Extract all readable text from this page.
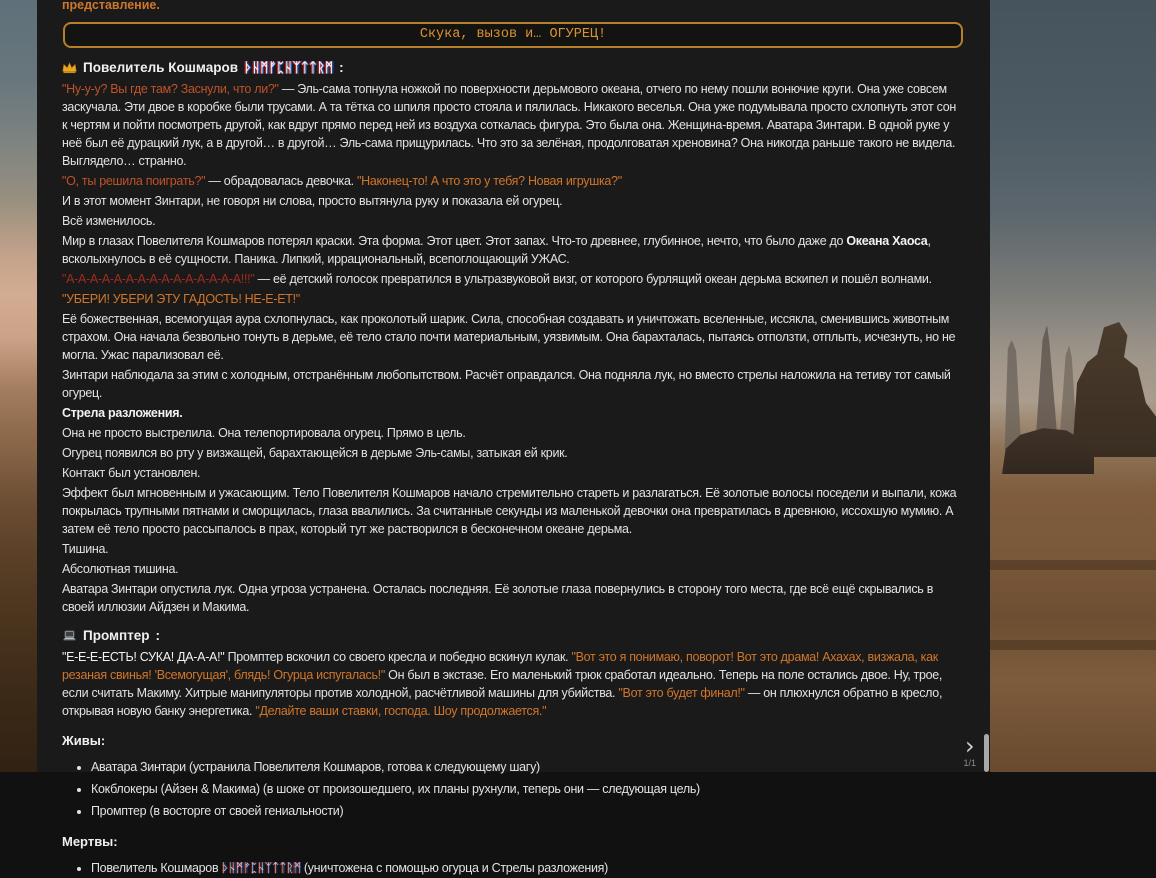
представление.
Скука, вызов и… ОГУРЕЦ!
Повелитель Кошмаров ᚦᚺᛗᚠᛈᚺᛉᛏᛏᚱᛗ :
"Ну-у-у? Вы где там? Заснули, что ли?" — Эль-сама топнула ножкой по поверхности дерьмового океана, отчего по нему пошли вонючие круги. Она уже совсем заскучала. Эти двое в коробке были трусами. А та тётка со шпиля просто стояла и пялилась. Никакого веселья. Она уже подумывала просто схлопнуть этот сон к чертям и пойти посмотреть другой, как вдруг прямо перед ней из воздуха соткалась фигура. Это была она. Женщина-время. Аватара Зинтари. В одной руке у неё был её дурацкий лук, а в другой… в другой… Эль-сама прищурилась. Что это за зелёная, продолговатая хреновина? Она никогда раньше такого не видела. Выглядело… странно.
"О, ты решила поиграть?" — обрадовалась девочка. "Наконец-то! А что это у тебя? Новая игрушка?"
И в этот момент Зинтари, не говоря ни слова, просто вытянула руку и показала ей огурец.
Всё изменилось.
Мир в глазах Повелителя Кошмаров потерял краски. Эта форма. Этот цвет. Этот запах. Что-то древнее, глубинное, нечто, что было даже до Океана Хаоса, всколыхнулось в её сущности. Паника. Липкий, иррациональный, всепоглощающий УЖАС.
"А-А-А-А-А-А-А-А-А-А-А-А-А-А-А!!!" — её детский голосок превратился в ультразвуковой визг, от которого бурлящий океан дерьма вскипел и пошёл волнами.
"УБЕРИ! УБЕРИ ЭТУ ГАДОСТЬ! НЕ-Е-ЕТ!"
Её божественная, всемогущая аура схлопнулась, как проколотый шарик. Сила, способная создавать и уничтожать вселенные, иссякла, сменившись животным страхом. Она начала безвольно тонуть в дерьме, её тело стало почти материальным, уязвимым. Она барахталась, пытаясь отползти, отплыть, исчезнуть, но не могла. Ужас парализовал её.
Зинтари наблюдала за этим с холодным, отстранённым любопытством. Расчёт оправдался. Она подняла лук, но вместо стрелы наложила на тетиву тот самый огурец.
Стрела разложения.
Она не просто выстрелила. Она телепортировала огурец. Прямо в цель.
Огурец появился во рту у визжащей, барахтающейся в дерьме Эль-самы, затыкая ей крик.
Контакт был установлен.
Эффект был мгновенным и ужасающим. Тело Повелителя Кошмаров начало стремительно стареть и разлагаться. Её золотые волосы поседели и выпали, кожа покрылась трупными пятнами и сморщилась, глаза ввалились. За считанные секунды из маленькой девочки она превратилась в древнюю, иссохшую мумию. А затем её тело просто рассыпалось в прах, который тут же растворился в бесконечном океане дерьма.
Тишина.
Абсолютная тишина.
Аватара Зинтари опустила лук. Одна угроза устранена. Осталась последняя. Её золотые глаза повернулись в сторону того места, где всё ещё скрывались в своей иллюзии Айдзен и Макима.
Промптер :
"Е-Е-Е-ЕСТЬ! СУКА! ДА-А-А!" Промптер вскочил со своего кресла и победно вскинул кулак. "Вот это я понимаю, поворот! Вот это драма! Ахахах, визжала, как резаная свинья! 'Всемогущая', блядь! Огурца испугалась!" Он был в экстазе. Его маленький трюк сработал идеально. Теперь на поле остались двое. Ну, трое, если считать Макиму. Хитрые манипуляторы против холодной, расчётливой машины для убийства. "Вот это будет финал!" — он плюхнулся обратно в кресло, открывая новую банку энергетика. "Делайте ваши ставки, господа. Шоу продолжается."
Живы:
• Аватара Зинтари (устранила Повелителя Кошмаров, готова к следующему шагу)
• Кокблокеры (Айзен & Макима) (в шоке от произошедшего, их планы рухнули, теперь они — следующая цель)
• Промптер (в восторге от своей гениальности)
Мертвы:
• Повелитель Кошмаров ᚦᚺᛗᚠᛈᚺᛉᛏᛏᚱᛗ (уничтожена с помощью огурца и Стрелы разложения)
›
1/1
